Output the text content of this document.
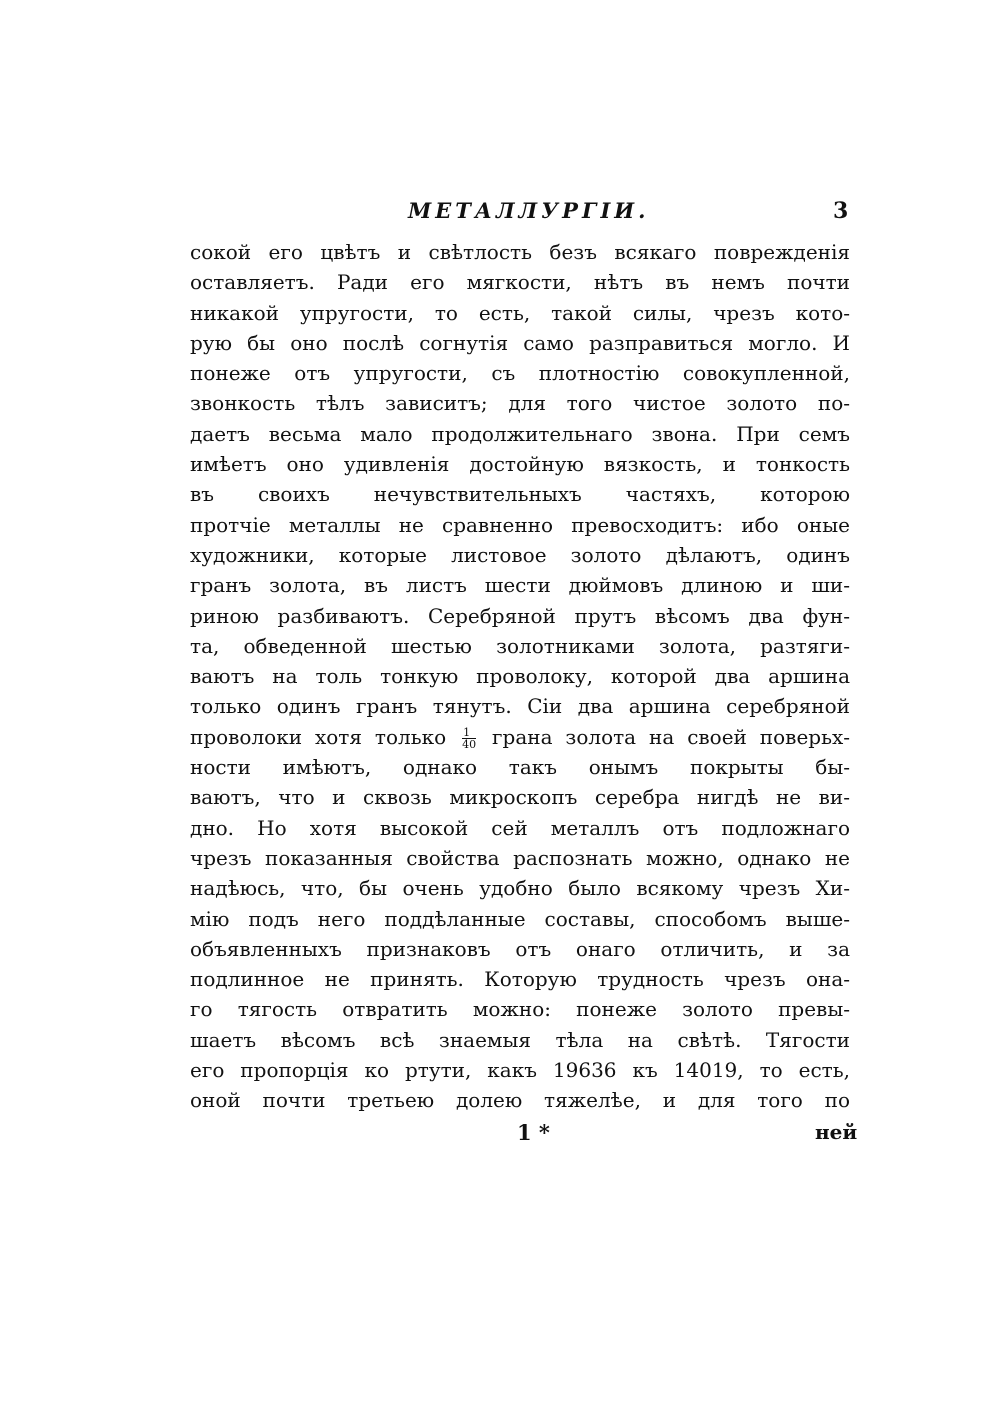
МЕТАЛЛУРГІИ.	3
сокой его цвѣтъ и свѣтлость безъ всякаго поврежденія
оставляетъ. Ради его мягкости, нѣтъ въ немъ почти
никакой упругости, то есть, такой силы, чрезъ кото-
рую бы оно послѣ согнутія само разправиться могло. И
понеже отъ упругости, съ плотностію совокупленной,
звонкость тѣлъ зависитъ; для того чистое золото по-
даетъ весьма мало продолжительнаго звона. При семъ
имѣетъ оно удивленія достойную вязкость, и тонкость
въ своихъ нечувствительныхъ частяхъ, которою
протчіе металлы не сравненно превосходитъ: ибо оные
художники, которые листовое золото дѣлаютъ, одинъ
гранъ золота, въ листъ шести дюймовъ длиною и ши-
риною разбиваютъ. Серебряной прутъ вѣсомъ два фун-
та, обведенной шестью золотниками золота, разтяги-
ваютъ на толь тонкую проволоку, которой два аршина
только одинъ гранъ тянутъ. Сіи два аршина серебряной
проволоки хотя только $\frac{1}{40}$ грана золота на своей поверьх-
ности имѣютъ, однако такъ онымъ покрыты бы-
ваютъ, что и сквозь микроскопъ серебра нигдѣ не ви-
дно. Но хотя высокой сей металлъ отъ подложнаго
чрезъ показанныя свойства распознать можно, однако не
надѣюсь, что, бы очень удобно было всякому чрезъ Хи-
мію подъ него поддѣланные составы, способомъ выше-
объявленныхъ признаковъ отъ онаго отличить, и за
подлинное не принять. Которую трудность чрезъ она-
го тягость отвратить можно: понеже золото превы-
шаетъ вѣсомъ всѣ знаемыя тѣла на свѣтѣ. Тягости
его пропорція ко ртути, какъ 19636 къ 14019, то есть,
оной почти третьею долею тяжелѣе, и для того по
1 *	ней
